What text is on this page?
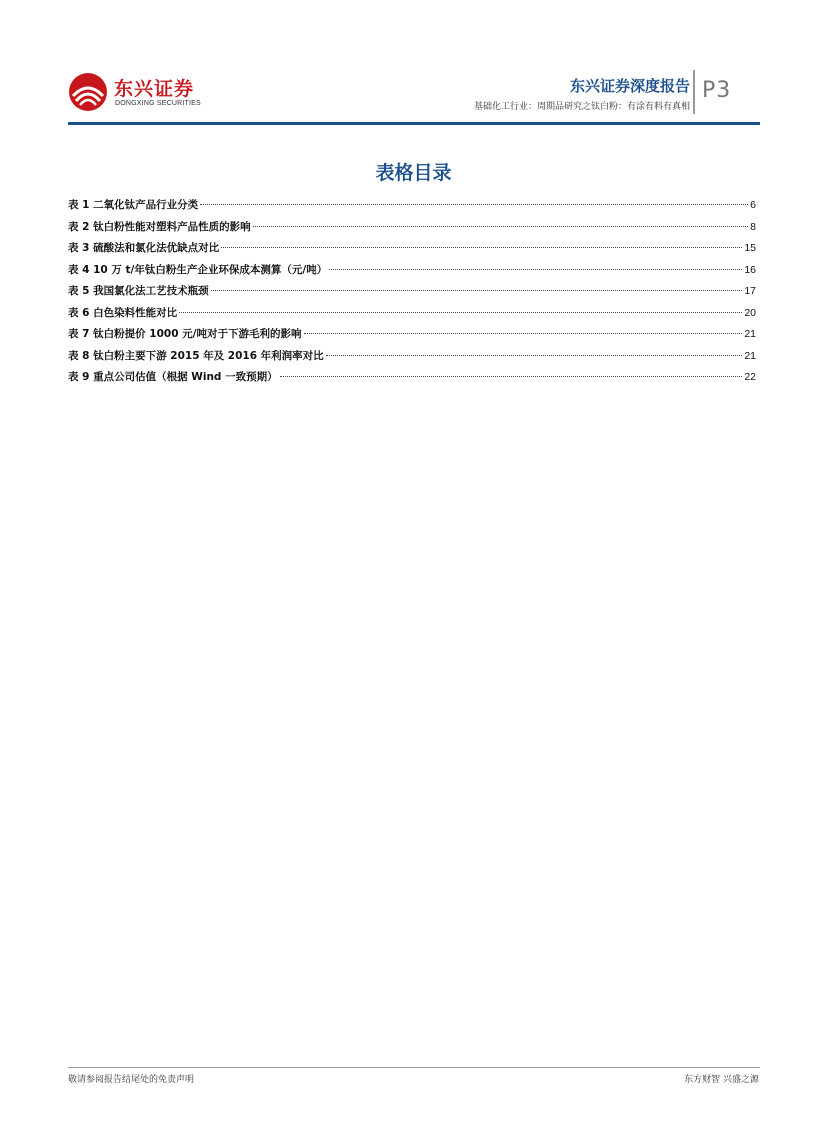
东兴证券
DONGXING SECURITIES
东兴证券深度报告
基础化工行业：周期品研究之钛白粉：有涂有料有真相
P3
表格目录
表 1 二氧化钛产品行业分类	6
表 2 钛白粉性能对塑料产品性质的影响	8
表 3 硫酸法和氯化法优缺点对比	15
表 4 10 万 t/年钛白粉生产企业环保成本测算（元/吨）	16
表 5 我国氯化法工艺技术瓶颈	17
表 6 白色染料性能对比	20
表 7 钛白粉提价 1000 元/吨对于下游毛利的影响	21
表 8 钛白粉主要下游 2015 年及 2016 年利润率对比	21
表 9 重点公司估值（根据 Wind 一致预期）	22
敬请参阅报告结尾处的免责声明	东方财智 兴盛之源
